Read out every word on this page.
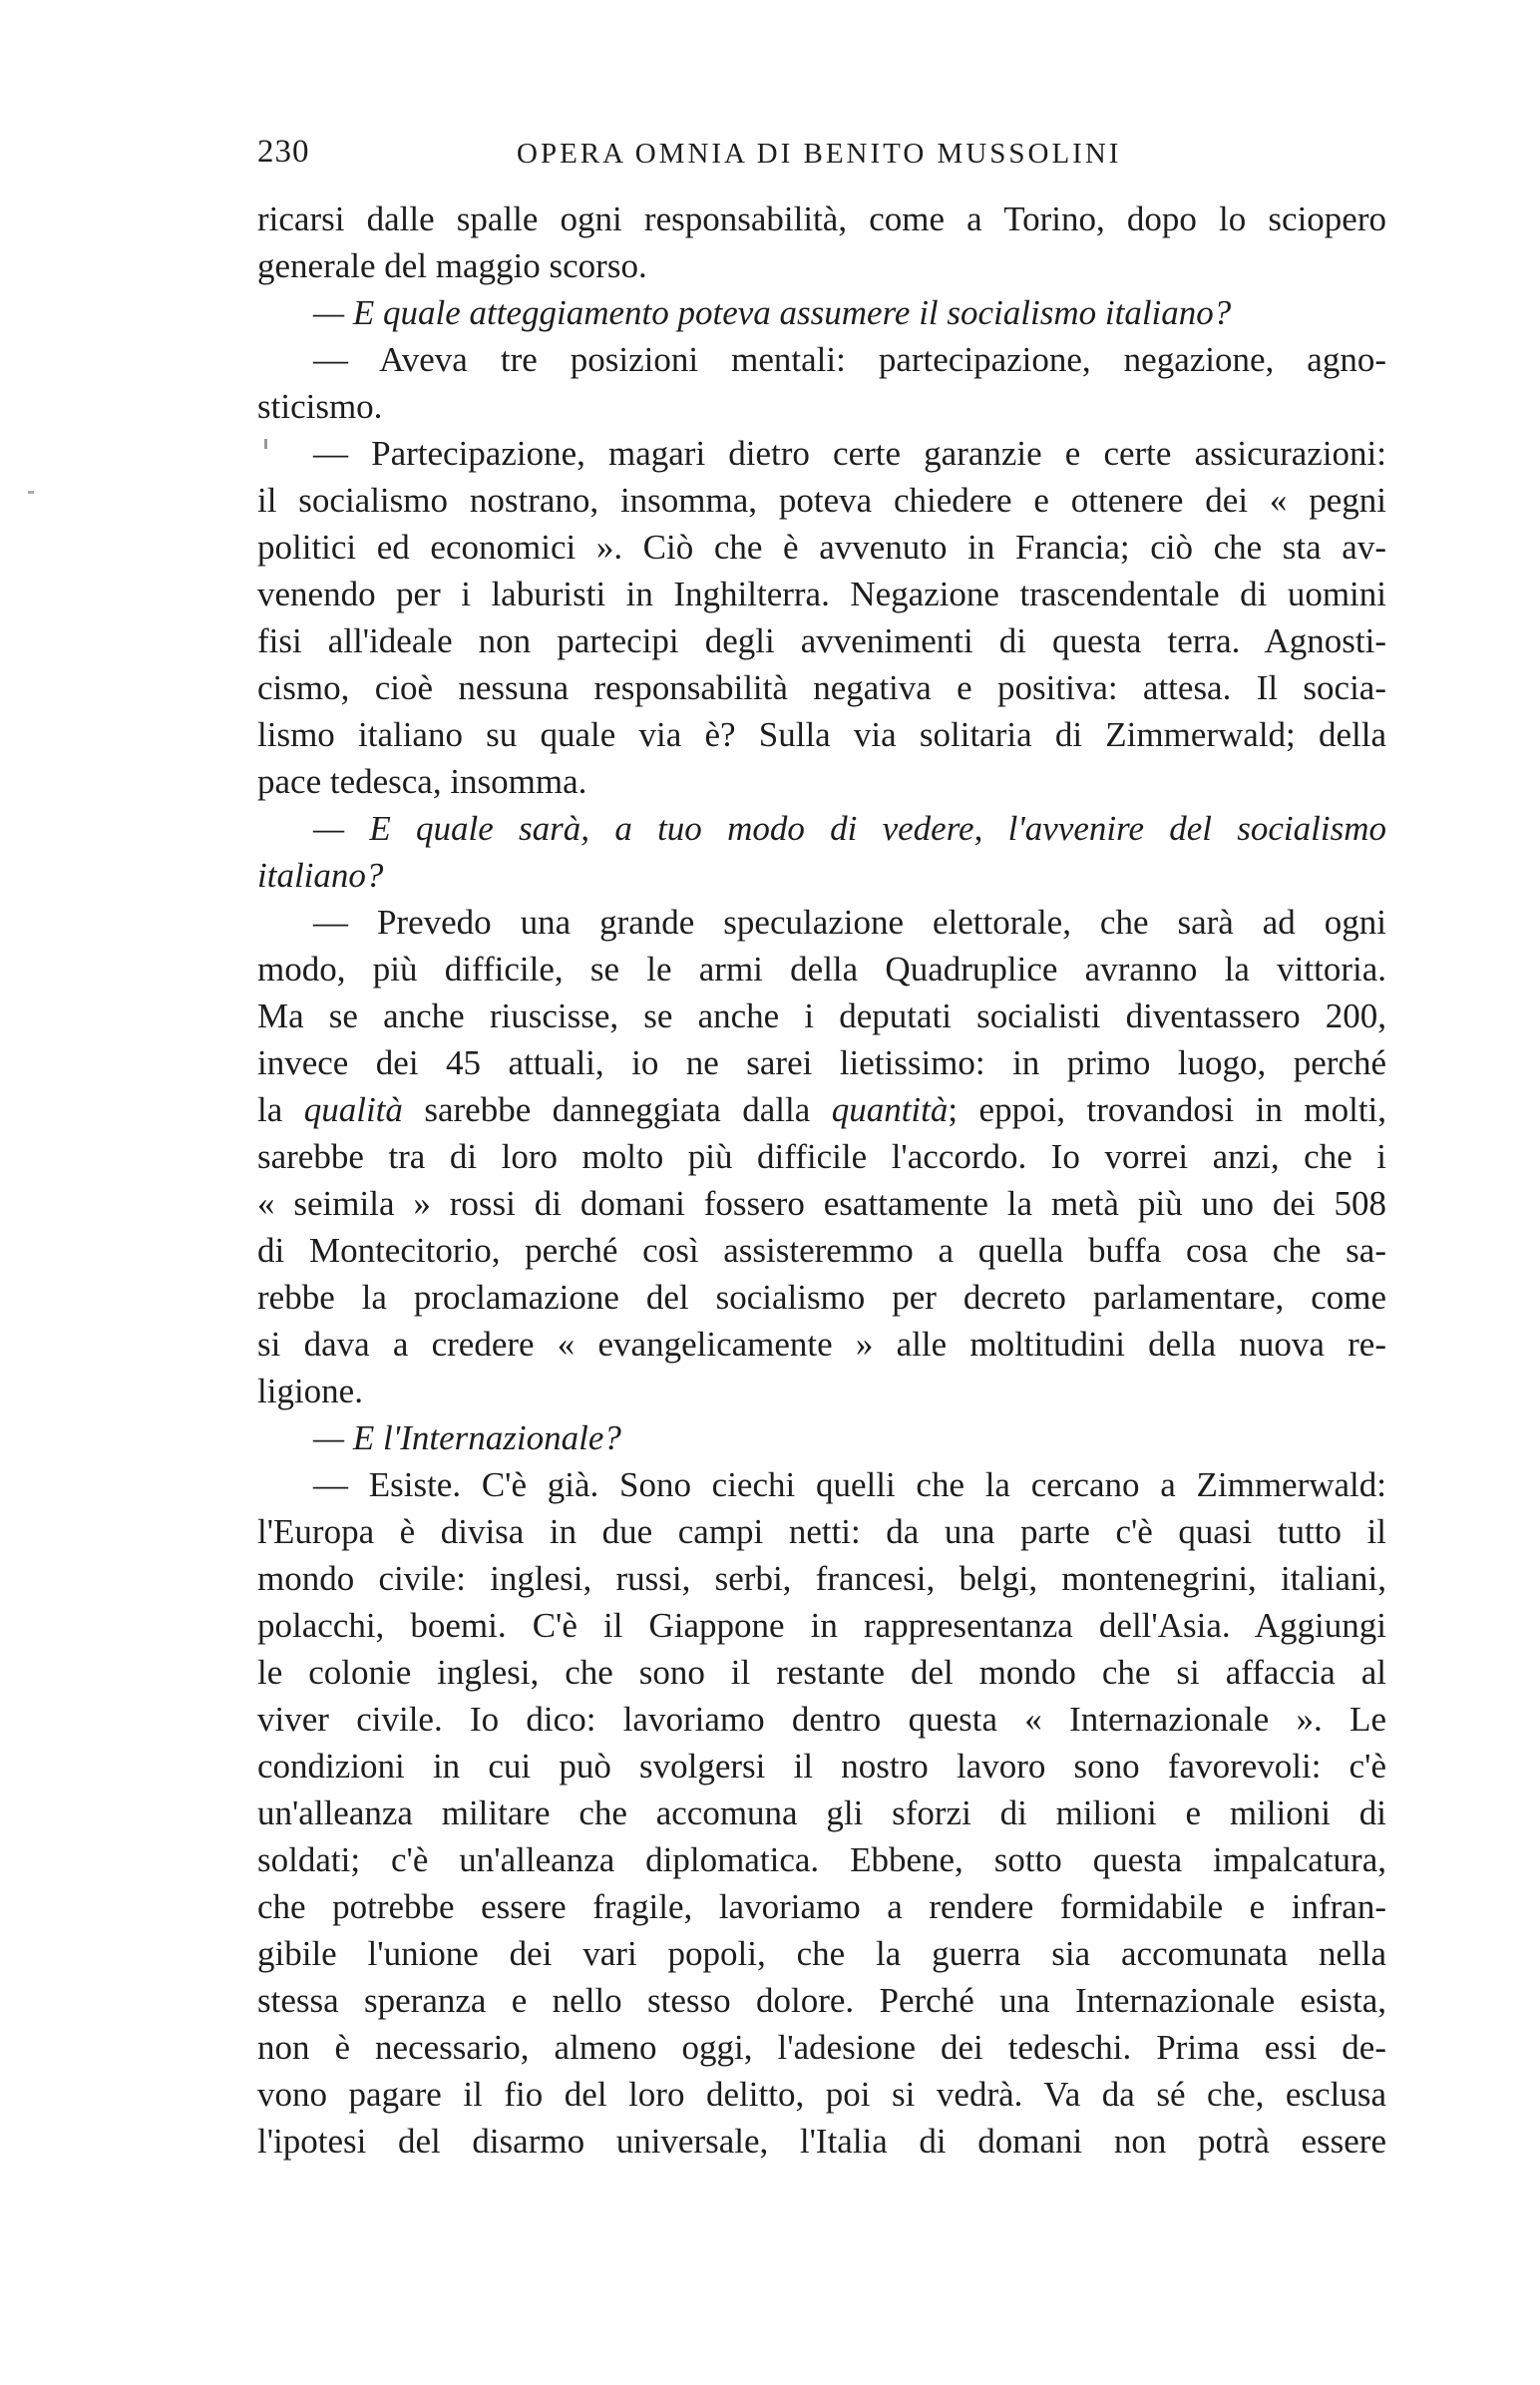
230	OPERA OMNIA DI BENITO MUSSOLINI
ricarsi dalle spalle ogni responsabilità, come a Torino, dopo lo sciopero
generale del maggio scorso.
— E quale atteggiamento poteva assumere il socialismo italiano?
— Aveva tre posizioni mentali: partecipazione, negazione, agno-
sticismo.
— Partecipazione, magari dietro certe garanzie e certe assicurazioni:
il socialismo nostrano, insomma, poteva chiedere e ottenere dei « pegni
politici ed economici ». Ciò che è avvenuto in Francia; ciò che sta av-
venendo per i laburisti in Inghilterra. Negazione trascendentale di uomini
fisi all'ideale non partecipi degli avvenimenti di questa terra. Agnosti-
cismo, cioè nessuna responsabilità negativa e positiva: attesa. Il socia-
lismo italiano su quale via è? Sulla via solitaria di Zimmerwald; della
pace tedesca, insomma.
— E quale sarà, a tuo modo di vedere, l'avvenire del socialismo
italiano?
— Prevedo una grande speculazione elettorale, che sarà ad ogni
modo, più difficile, se le armi della Quadruplice avranno la vittoria.
Ma se anche riuscisse, se anche i deputati socialisti diventassero 200,
invece dei 45 attuali, io ne sarei lietissimo: in primo luogo, perché
la qualità sarebbe danneggiata dalla quantità; eppoi, trovandosi in molti,
sarebbe tra di loro molto più difficile l'accordo. Io vorrei anzi, che i
« seimila » rossi di domani fossero esattamente la metà più uno dei 508
di Montecitorio, perché così assisteremmo a quella buffa cosa che sa-
rebbe la proclamazione del socialismo per decreto parlamentare, come
si dava a credere « evangelicamente » alle moltitudini della nuova re-
ligione.
— E l'Internazionale?
— Esiste. C'è già. Sono ciechi quelli che la cercano a Zimmerwald:
l'Europa è divisa in due campi netti: da una parte c'è quasi tutto il
mondo civile: inglesi, russi, serbi, francesi, belgi, montenegrini, italiani,
polacchi, boemi. C'è il Giappone in rappresentanza dell'Asia. Aggiungi
le colonie inglesi, che sono il restante del mondo che si affaccia al
viver civile. Io dico: lavoriamo dentro questa « Internazionale ». Le
condizioni in cui può svolgersi il nostro lavoro sono favorevoli: c'è
un'alleanza militare che accomuna gli sforzi di milioni e milioni di
soldati; c'è un'alleanza diplomatica. Ebbene, sotto questa impalcatura,
che potrebbe essere fragile, lavoriamo a rendere formidabile e infran-
gibile l'unione dei vari popoli, che la guerra sia accomunata nella
stessa speranza e nello stesso dolore. Perché una Internazionale esista,
non è necessario, almeno oggi, l'adesione dei tedeschi. Prima essi de-
vono pagare il fio del loro delitto, poi si vedrà. Va da sé che, esclusa
l'ipotesi del disarmo universale, l'Italia di domani non potrà essere
